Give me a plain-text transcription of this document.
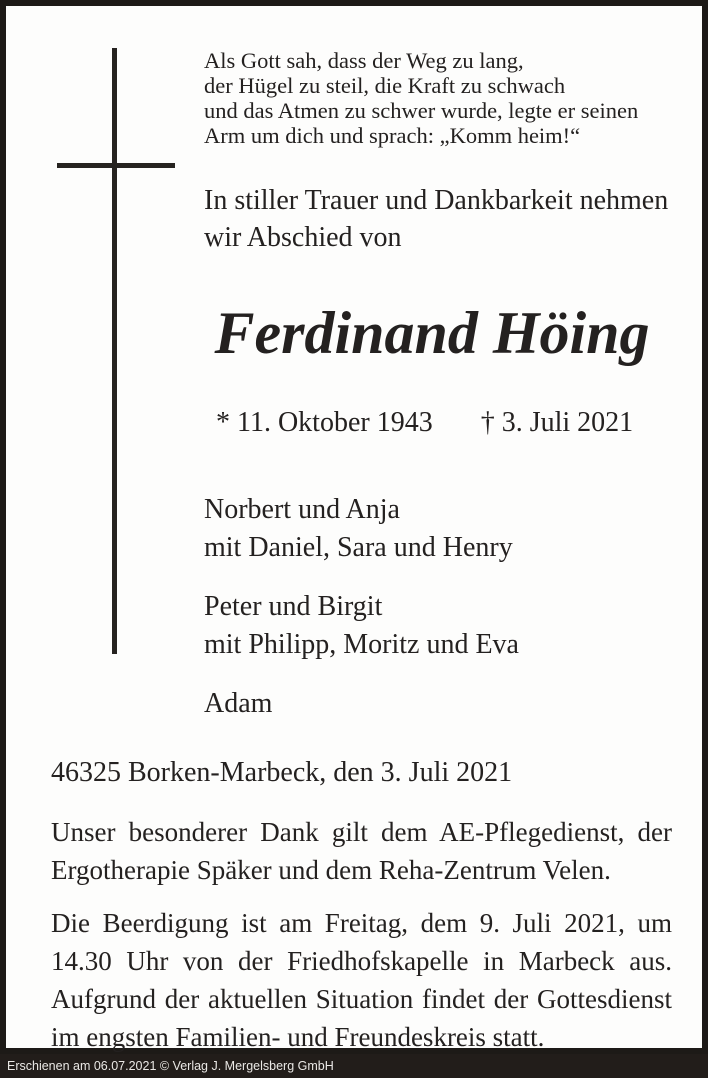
Als Gott sah, dass der Weg zu lang,
der Hügel zu steil, die Kraft zu schwach
und das Atmen zu schwer wurde, legte er seinen
Arm um dich und sprach: „Komm heim!“
In stiller Trauer und Dankbarkeit nehmen
wir Abschied von
Ferdinand Höing
* 11. Oktober 1943 † 3. Juli 2021
Norbert und Anja
mit Daniel, Sara und Henry
Peter und Birgit
mit Philipp, Moritz und Eva
Adam
46325 Borken-Marbeck, den 3. Juli 2021

Unser besonderer Dank gilt dem AE-Pflegedienst, der Ergotherapie Späker und dem Reha-Zentrum Velen.

Die Beerdigung ist am Freitag, dem 9. Juli 2021, um 14.30 Uhr von der Friedhofskapelle in Marbeck aus. Aufgrund der aktuellen Situation findet der Gottesdienst im engsten Familien- und Freundeskreis statt.

Erschienen am 06.07.2021 © Verlag J. Mergelsberg GmbH
